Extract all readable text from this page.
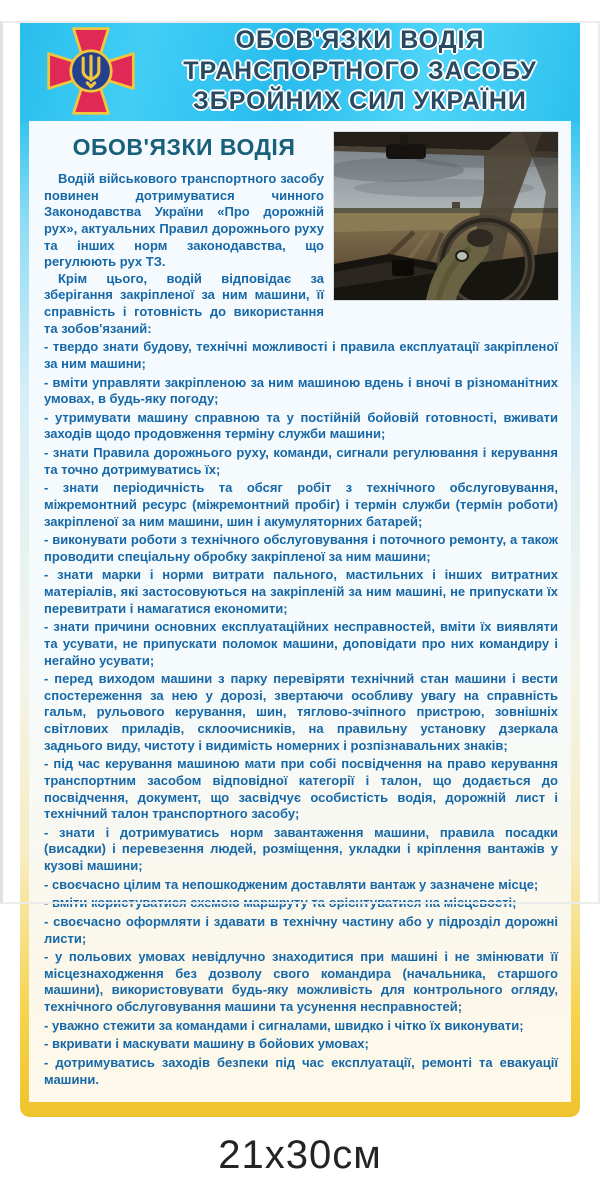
ОБОВ'ЯЗКИ ВОДІЯ
ТРАНСПОРТНОГО ЗАСОБУ
ЗБРОЙНИХ СИЛ УКРАЇНИ
ОБОВ'ЯЗКИ ВОДІЯ

Водій військового транспортного засобу повинен дотримуватися чинного Законодавства України «Про дорожній рух», актуальних Правил дорожнього руху та інших норм законодавства, що регулюють рух ТЗ.

Крім цього, водій відповідає за зберігання закріпленої за ним машини, її справність і готовність до використання та зобов'язаний:

- твердо знати будову, технічні можливості і правила експлуатації закріпленої за ним машини;
- вміти управляти закріпленою за ним машиною вдень і вночі в різноманітних умовах, в будь-яку погоду;
- утримувати машину справною та у постійній бойовій готовності, вживати заходів щодо продовження терміну служби машини;
- знати Правила дорожнього руху, команди, сигнали регулювання і керування та точно дотримуватись їх;
- знати періодичність та обсяг робіт з технічного обслуговування, міжремонтний ресурс (міжремонтний пробіг) і термін служби (термін роботи) закріпленої за ним машини, шин і акумуляторних батарей;
- виконувати роботи з технічного обслуговування і поточного ремонту, а також проводити спеціальну обробку закріпленої за ним машини;
- знати марки і норми витрати пального, мастильних і інших витратних матеріалів, які застосовуються на закріпленій за ним машині, не припускати їх перевитрати і намагатися економити;
- знати причини основних експлуатаційних несправностей, вміти їх виявляти та усувати, не припускати поломок машини, доповідати про них командиру і негайно усувати;
- перед виходом машини з парку перевіряти технічний стан машини і вести спостереження за нею у дорозі, звертаючи особливу увагу на справність гальм, рульового керування, шин, тяглово-зчіпного пристрою, зовнішніх світлових приладів, склоочисників, на правильну установку дзеркала заднього виду, чистоту і видимість номерних і розпізнавальних знаків;
- під час керування машиною мати при собі посвідчення на право керування транспортним засобом відповідної категорії і талон, що додається до посвідчення, документ, що засвідчує особистість водія, дорожній лист і технічний талон транспортного засобу;
- знати і дотримуватись норм завантаження машини, правила посадки (висадки) і перевезення людей, розміщення, укладки і кріплення вантажів у кузові машини;
- своєчасно цілим та непошкодженим доставляти вантаж у зазначене місце;
- вміти користуватися схемою маршруту та орієнтуватися на місцевості;
- своєчасно оформляти і здавати в технічну частину або у підрозділ дорожні листи;
- у польових умовах невідлучно знаходитися при машині і не змінювати її місцезнаходження без дозволу свого командира (начальника, старшого машини), використовувати будь-яку можливість для контрольного огляду, технічного обслуговування машини та усунення несправностей;
- уважно стежити за командами і сигналами, швидко і чітко їх виконувати;
- вкривати і маскувати машину в бойових умовах;
- дотримуватись заходів безпеки під час експлуатації, ремонті та евакуації машини.
21х30см
